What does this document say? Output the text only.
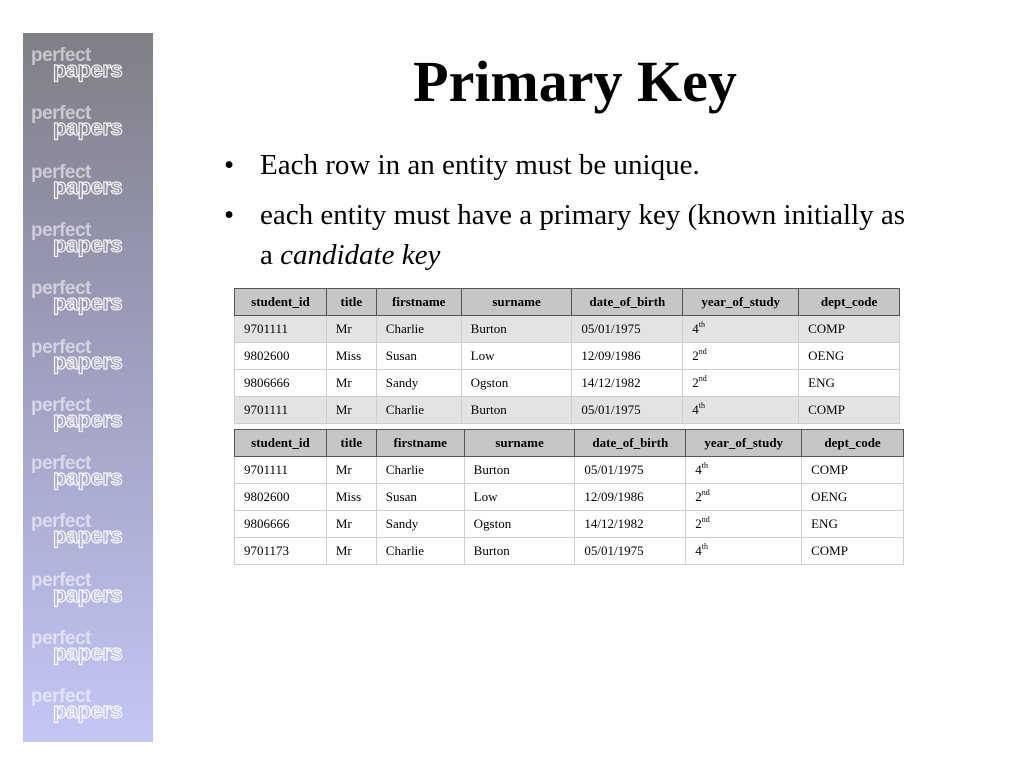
perfect
papers
perfect
papers
perfect
papers
perfect
papers
perfect
papers
perfect
papers
perfect
papers
perfect
papers
perfect
papers
perfect
papers
perfect
papers
perfect
papers
Primary Key
• Each row in an entity must be unique.
• each entity must have a primary key (known initially as a candidate key
student_id	title	firstname	surname	date_of_birth	year_of_study	dept_code
9701111	Mr	Charlie	Burton	05/01/1975	4th	COMP
9802600	Miss	Susan	Low	12/09/1986	2nd	OENG
9806666	Mr	Sandy	Ogston	14/12/1982	2nd	ENG
9701111	Mr	Charlie	Burton	05/01/1975	4th	COMP
student_id	title	firstname	surname	date_of_birth	year_of_study	dept_code
9701111	Mr	Charlie	Burton	05/01/1975	4th	COMP
9802600	Miss	Susan	Low	12/09/1986	2nd	OENG
9806666	Mr	Sandy	Ogston	14/12/1982	2nd	ENG
9701173	Mr	Charlie	Burton	05/01/1975	4th	COMP
